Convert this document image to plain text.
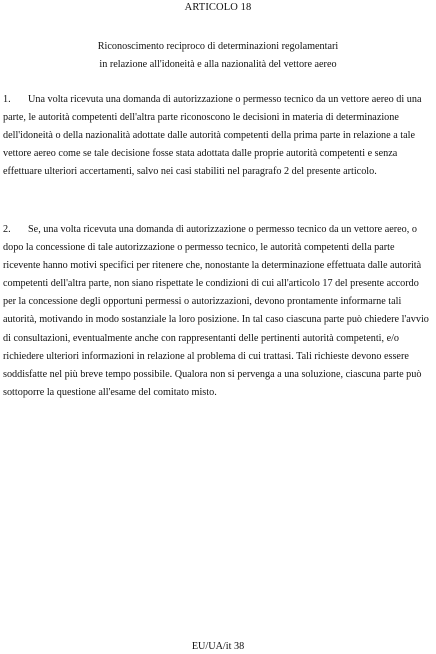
ARTICOLO 18
Riconoscimento reciproco di determinazioni regolamentari
in relazione all'idoneità e alla nazionalità del vettore aereo
1. Una volta ricevuta una domanda di autorizzazione o permesso tecnico da un vettore aereo di una parte, le autorità competenti dell'altra parte riconoscono le decisioni in materia di determinazione dell'idoneità o della nazionalità adottate dalle autorità competenti della prima parte in relazione a tale vettore aereo come se tale decisione fosse stata adottata dalle proprie autorità competenti e senza effettuare ulteriori accertamenti, salvo nei casi stabiliti nel paragrafo 2 del presente articolo.
2. Se, una volta ricevuta una domanda di autorizzazione o permesso tecnico da un vettore aereo, o dopo la concessione di tale autorizzazione o permesso tecnico, le autorità competenti della parte ricevente hanno motivi specifici per ritenere che, nonostante la determinazione effettuata dalle autorità competenti dell'altra parte, non siano rispettate le condizioni di cui all'articolo 17 del presente accordo per la concessione degli opportuni permessi o autorizzazioni, devono prontamente informarne tali autorità, motivando in modo sostanziale la loro posizione. In tal caso ciascuna parte può chiedere l'avvio di consultazioni, eventualmente anche con rappresentanti delle pertinenti autorità competenti, e/o richiedere ulteriori informazioni in relazione al problema di cui trattasi. Tali richieste devono essere soddisfatte nel più breve tempo possibile. Qualora non si pervenga a una soluzione, ciascuna parte può sottoporre la questione all'esame del comitato misto.
EU/UA/it 38
